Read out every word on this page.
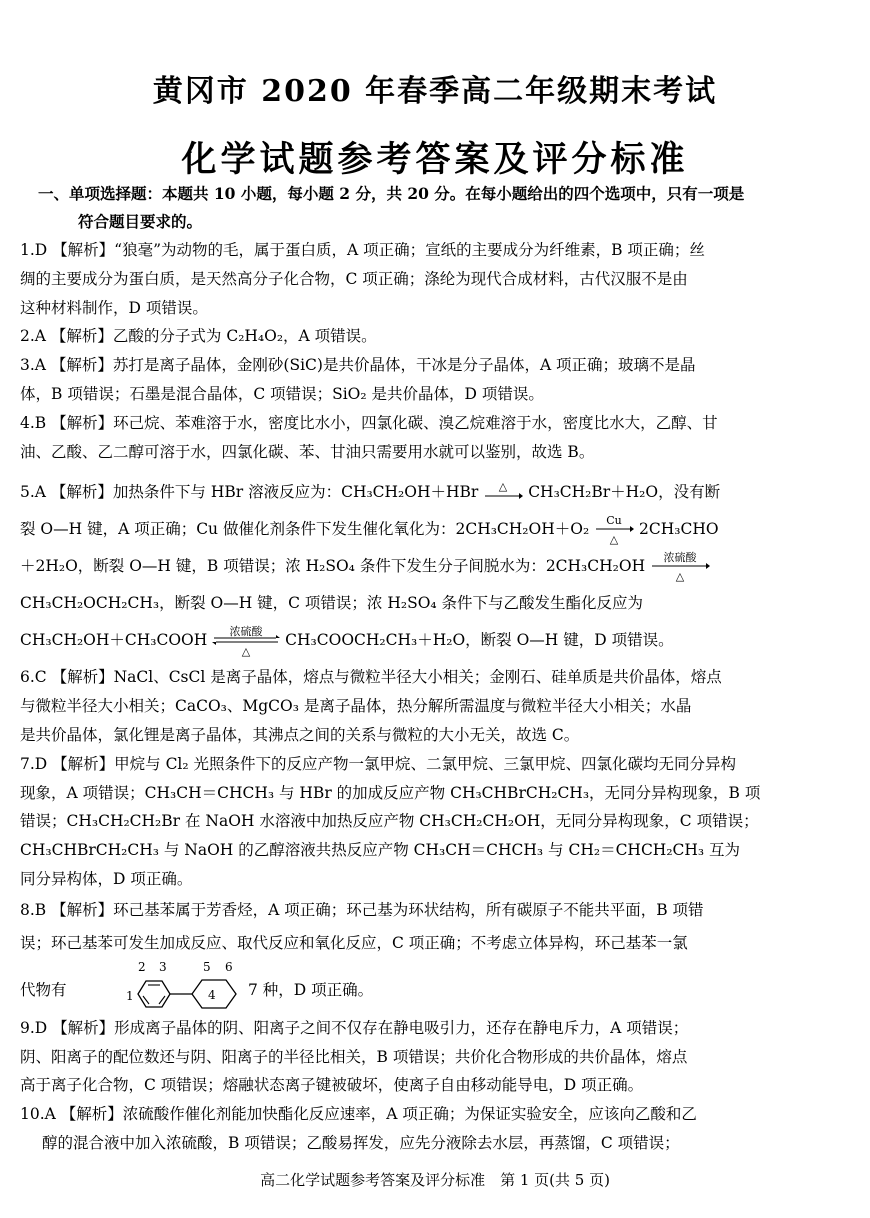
黄冈市 2020 年春季高二年级期末考试
化学试题参考答案及评分标准
一、单项选择题：本题共 10 小题，每小题 2 分，共 20 分。在每小题给出的四个选项中，只有一项是
符合题目要求的。
1.D 【解析】“狼毫”为动物的毛，属于蛋白质，A 项正确；宣纸的主要成分为纤维素，B 项正确；丝
绸的主要成分为蛋白质，是天然高分子化合物，C 项正确；涤纶为现代合成材料，古代汉服不是由
这种材料制作，D 项错误。
2.A 【解析】乙酸的分子式为 C₂H₄O₂，A 项错误。
3.A 【解析】苏打是离子晶体，金刚砂(SiC)是共价晶体，干冰是分子晶体，A 项正确；玻璃不是晶
体，B 项错误；石墨是混合晶体，C 项错误；SiO₂ 是共价晶体，D 项错误。
4.B 【解析】环己烷、苯难溶于水，密度比水小，四氯化碳、溴乙烷难溶于水，密度比水大，乙醇、甘
油、乙酸、乙二醇可溶于水，四氯化碳、苯、甘油只需要用水就可以鉴别，故选 B。
5.A 【解析】加热条件下与 HBr 溶液反应为：CH₃CH₂OH＋HBr △ CH₃CH₂Br＋H₂O，没有断
裂 O—H 键，A 项正确；Cu 做催化剂条件下发生催化氧化为：2CH₃CH₂OH＋O₂ Cu
△
2CH₃CHO
＋2H₂O，断裂 O—H 键，B 项错误；浓 H₂SO₄ 条件下发生分子间脱水为：2CH₃CH₂OH 浓硫酸
△
CH₃CH₂OCH₂CH₃，断裂 O—H 键，C 项错误；浓 H₂SO₄ 条件下与乙酸发生酯化反应为
CH₃CH₂OH＋CH₃COOH 浓硫酸
△
CH₃COOCH₂CH₃＋H₂O，断裂 O—H 键，D 项错误。
6.C 【解析】NaCl、CsCl 是离子晶体，熔点与微粒半径大小相关；金刚石、硅单质是共价晶体，熔点
与微粒半径大小相关；CaCO₃、MgCO₃ 是离子晶体，热分解所需温度与微粒半径大小相关；水晶
是共价晶体，氯化锂是离子晶体，其沸点之间的关系与微粒的大小无关，故选 C。
7.D 【解析】甲烷与 Cl₂ 光照条件下的反应产物一氯甲烷、二氯甲烷、三氯甲烷、四氯化碳均无同分异构
现象，A 项错误；CH₃CH＝CHCH₃ 与 HBr 的加成反应产物 CH₃CHBrCH₂CH₃，无同分异构现象，B 项
错误；CH₃CH₂CH₂Br 在 NaOH 水溶液中加热反应产物 CH₃CH₂CH₂OH，无同分异构现象，C 项错误；
CH₃CHBrCH₂CH₃ 与 NaOH 的乙醇溶液共热反应产物 CH₃CH＝CHCH₃ 与 CH₂＝CHCH₂CH₃ 互为
同分异构体，D 项正确。
8.B 【解析】环己基苯属于芳香烃，A 项正确；环己基为环状结构，所有碳原子不能共平面，B 项错
误；环己基苯可发生加成反应、取代反应和氧化反应，C 项正确；不考虑立体异构，环己基苯一氯
代物有	1
2 3
4
5 6
7 种，D 项正确。
9.D 【解析】形成离子晶体的阴、阳离子之间不仅存在静电吸引力，还存在静电斥力，A 项错误；
阴、阳离子的配位数还与阴、阳离子的半径比相关，B 项错误；共价化合物形成的共价晶体，熔点
高于离子化合物，C 项错误；熔融状态离子键被破坏，使离子自由移动能导电，D 项正确。
10.A 【解析】浓硫酸作催化剂能加快酯化反应速率，A 项正确；为保证实验安全，应该向乙酸和乙
醇的混合液中加入浓硫酸，B 项错误；乙酸易挥发，应先分液除去水层，再蒸馏，C 项错误；
高二化学试题参考答案及评分标准　第 1 页(共 5 页)
